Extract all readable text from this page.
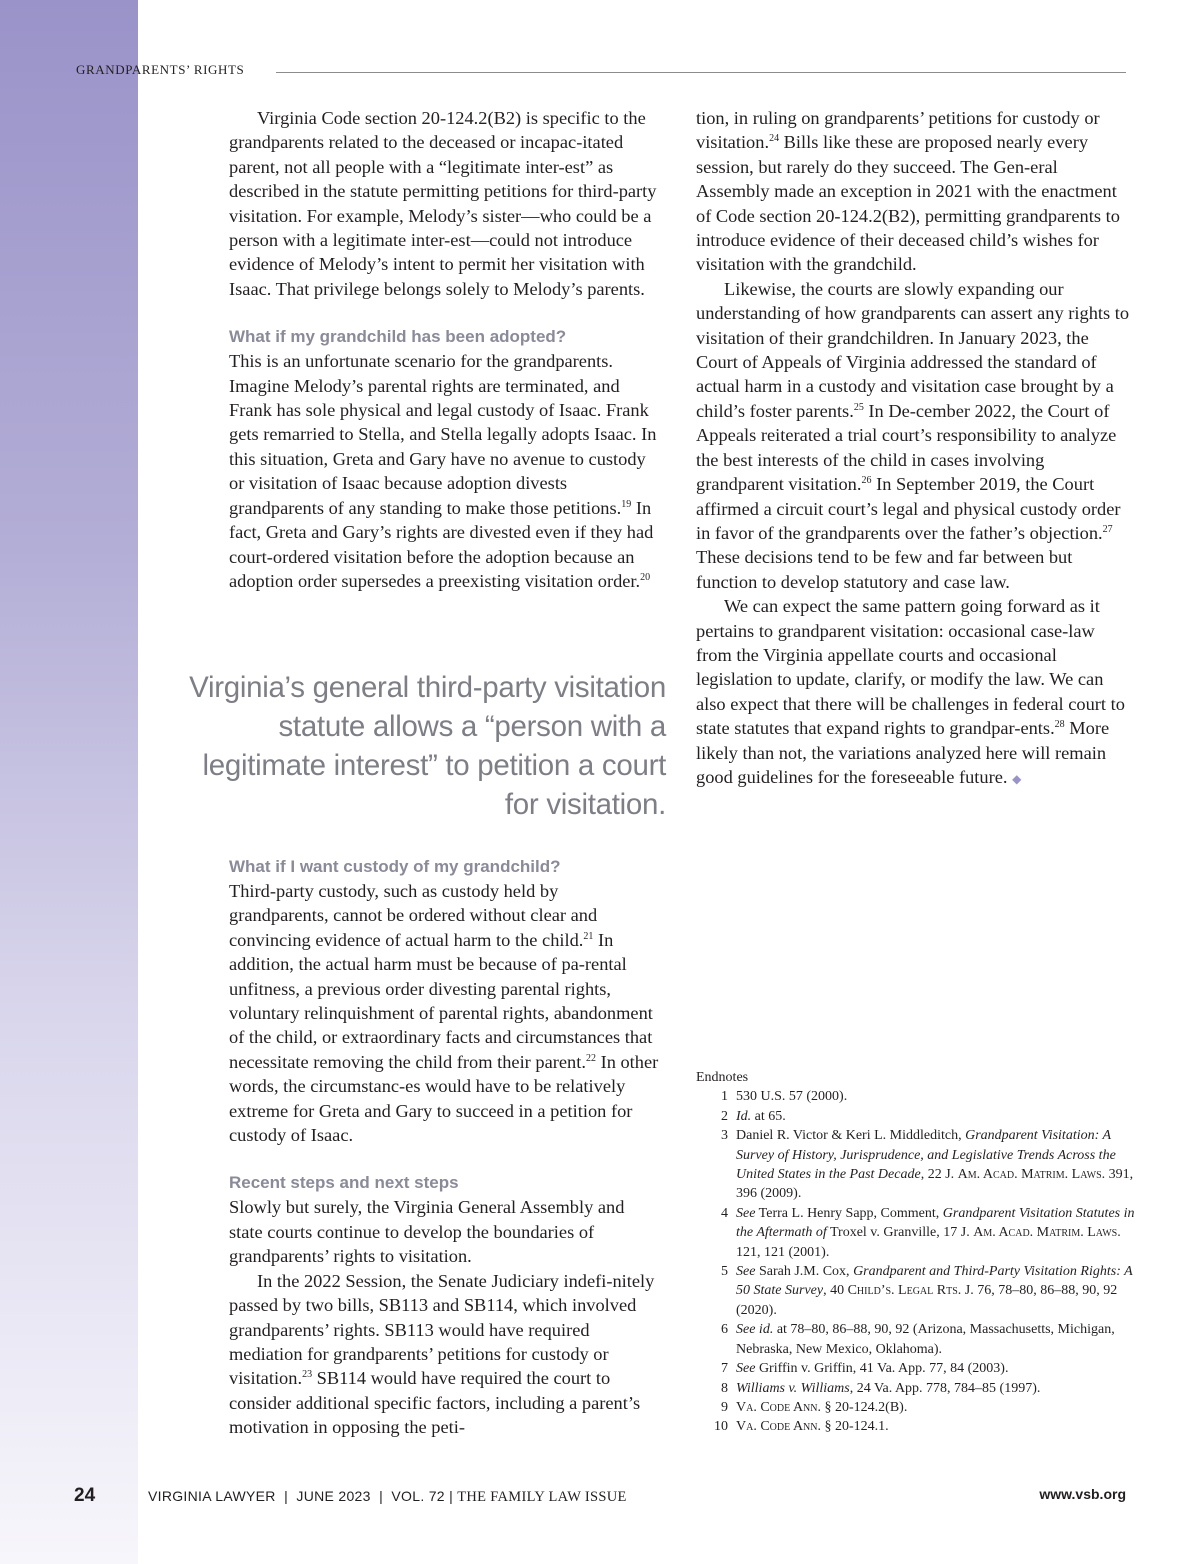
GRANDPARENTS’ RIGHTS

Virginia Code section 20-124.2(B2) is specific to the grandparents related to the deceased or incapac-itated parent, not all people with a “legitimate inter-est” as described in the statute permitting petitions for third-party visitation. For example, Melody’s sister—who could be a person with a legitimate inter-est—could not introduce evidence of Melody’s intent to permit her visitation with Isaac. That privilege belongs solely to Melody’s parents.

What if my grandchild has been adopted?

This is an unfortunate scenario for the grandparents. Imagine Melody’s parental rights are terminated, and Frank has sole physical and legal custody of Isaac. Frank gets remarried to Stella, and Stella legally adopts Isaac. In this situation, Greta and Gary have no avenue to custody or visitation of Isaac because adoption divests grandparents of any standing to make those petitions.$^{19}$ In fact, Greta and Gary’s rights are divested even if they had court-ordered visitation before the adoption because an adoption order supersedes a preexisting visitation order.$^{20}$

Virginia’s general third-party visitation statute allows a “person with a legitimate interest” to petition a court for visitation.
What if I want custody of my grandchild?

Third-party custody, such as custody held by grandparents, cannot be ordered without clear and convincing evidence of actual harm to the child.$^{21}$ In addition, the actual harm must be because of pa-rental unfitness, a previous order divesting parental rights, voluntary relinquishment of parental rights, abandonment of the child, or extraordinary facts and circumstances that necessitate removing the child from their parent.$^{22}$ In other words, the circumstanc-es would have to be relatively extreme for Greta and Gary to succeed in a petition for custody of Isaac.

Recent steps and next steps

Slowly but surely, the Virginia General Assembly and state courts continue to develop the boundaries of grandparents’ rights to visitation.

In the 2022 Session, the Senate Judiciary indefi-nitely passed by two bills, SB113 and SB114, which involved grandparents’ rights. SB113 would have required mediation for grandparents’ petitions for custody or visitation.$^{23}$ SB114 would have required the court to consider additional specific factors, including a parent’s motivation in opposing the peti-

tion, in ruling on grandparents’ petitions for custody or visitation.$^{24}$ Bills like these are proposed nearly every session, but rarely do they succeed. The Gen-eral Assembly made an exception in 2021 with the enactment of Code section 20-124.2(B2), permitting grandparents to introduce evidence of their deceased child’s wishes for visitation with the grandchild.

Likewise, the courts are slowly expanding our understanding of how grandparents can assert any rights to visitation of their grandchildren. In January 2023, the Court of Appeals of Virginia addressed the standard of actual harm in a custody and visitation case brought by a child’s foster parents.$^{25}$ In De-cember 2022, the Court of Appeals reiterated a trial court’s responsibility to analyze the best interests of the child in cases involving grandparent visitation.$^{26}$ In September 2019, the Court affirmed a circuit court’s legal and physical custody order in favor of the grandparents over the father’s objection.$^{27}$ These decisions tend to be few and far between but function to develop statutory and case law.

We can expect the same pattern going forward as it pertains to grandparent visitation: occasional case-law from the Virginia appellate courts and occasional legislation to update, clarify, or modify the law. We can also expect that there will be challenges in federal court to state statutes that expand rights to grandpar-ents.$^{28}$ More likely than not, the variations analyzed here will remain good guidelines for the foreseeable future. ◆

Endnotes
1 530 U.S. 57 (2000).
2 Id. at 65.
3 Daniel R. Victor & Keri L. Middleditch, Grandparent Visitation: A Survey of History, Jurisprudence, and Legislative Trends Across the United States in the Past Decade, 22 J. Am. Acad. Matrim. Laws. 391, 396 (2009).
4 See Terra L. Henry Sapp, Comment, Grandparent Visitation Statutes in the Aftermath of Troxel v. Granville, 17 J. Am. Acad. Matrim. Laws. 121, 121 (2001).
5 See Sarah J.M. Cox, Grandparent and Third-Party Visitation Rights: A 50 State Survey, 40 Child’s. Legal Rts. J. 76, 78–80, 86–88, 90, 92 (2020).
6 See id. at 78–80, 86–88, 90, 92 (Arizona, Massachusetts, Michigan, Nebraska, New Mexico, Oklahoma).
7 See Griffin v. Griffin, 41 Va. App. 77, 84 (2003).
8 Williams v. Williams, 24 Va. App. 778, 784–85 (1997).
9 Va. Code Ann. § 20-124.2(B).
10 Va. Code Ann. § 20-124.1.
24	VIRGINIA LAWYER | JUNE 2023 | VOL. 72 | THE FAMILY LAW ISSUE	www.vsb.org
